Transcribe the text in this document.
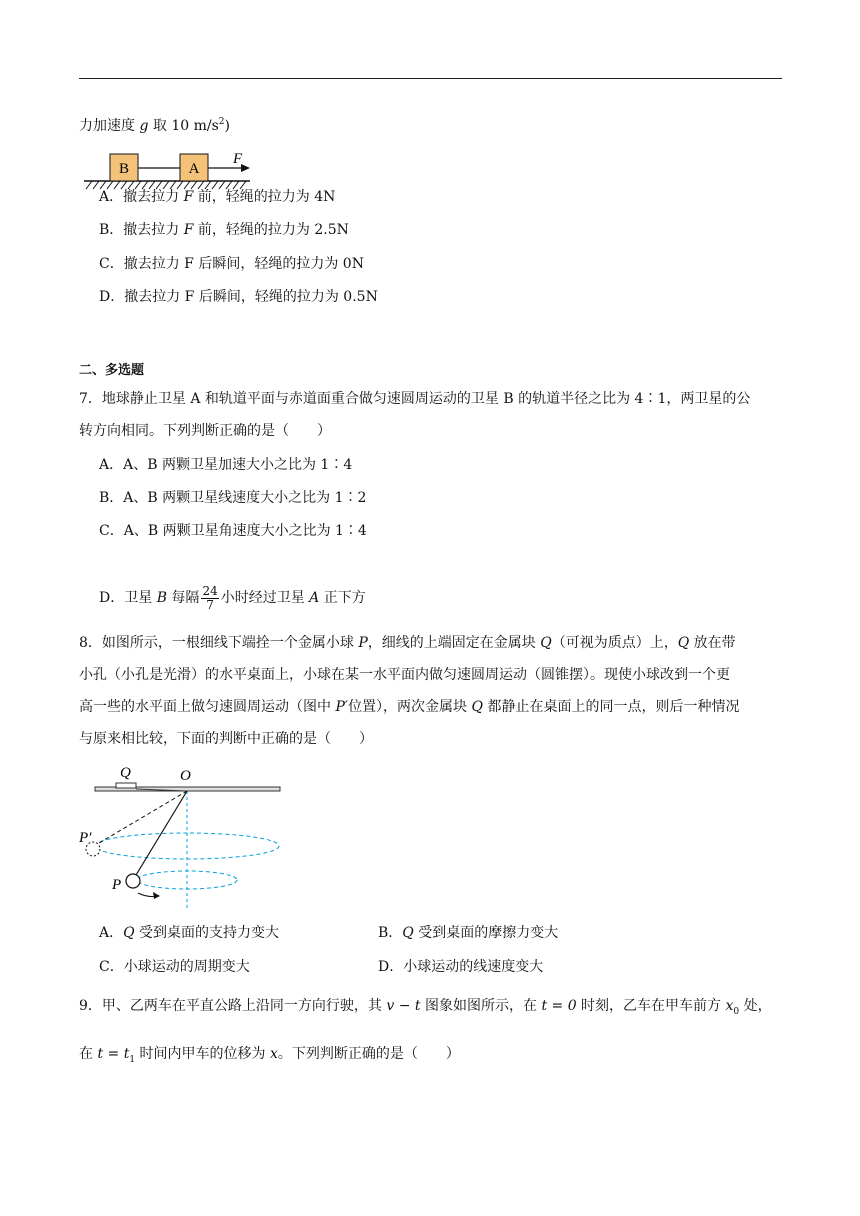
力加速度 g 取 10 $m/s^2$)
B	A
F
Q	O
P′
P
A．撤去拉力 F 前，轻绳的拉力为 4N
B．撤去拉力 F 前，轻绳的拉力为 2.5N
C．撤去拉力 F 后瞬间，轻绳的拉力为 0N
D．撤去拉力 F 后瞬间，轻绳的拉力为 0.5N
二、多选题
7．地球静止卫星 A 和轨道平面与赤道面重合做匀速圆周运动的卫星 B 的轨道半径之比为 4∶1，两卫星的公
转方向相同。下列判断正确的是（　　）
A．A、B 两颗卫星加速大小之比为 1∶4
B．A、B 两颗卫星线速度大小之比为 1∶2
C．A、B 两颗卫星角速度大小之比为 1∶4
D．卫星 B 每隔 $\frac{24}{7}$ 小时经过卫星 A 正下方
8．如图所示，一根细线下端拴一个金属小球 P，细线的上端固定在金属块 Q（可视为质点）上，Q 放在带
小孔（小孔是光滑）的水平桌面上，小球在某一水平面内做匀速圆周运动（圆锥摆）。现使小球改到一个更
高一些的水平面上做匀速圆周运动（图中 P′位置），两次金属块 Q 都静止在桌面上的同一点，则后一种情况
与原来相比较，下面的判断中正确的是（　　）
A．Q 受到桌面的支持力变大	B．Q 受到桌面的摩擦力变大
C．小球运动的周期变大	D．小球运动的线速度变大
9．甲、乙两车在平直公路上沿同一方向行驶，其 v − t 图象如图所示，在 t = 0 时刻，乙车在甲车前方 $x_0$ 处，
在 $t = t_1$ 时间内甲车的位移为 x。下列判断正确的是（　　）
